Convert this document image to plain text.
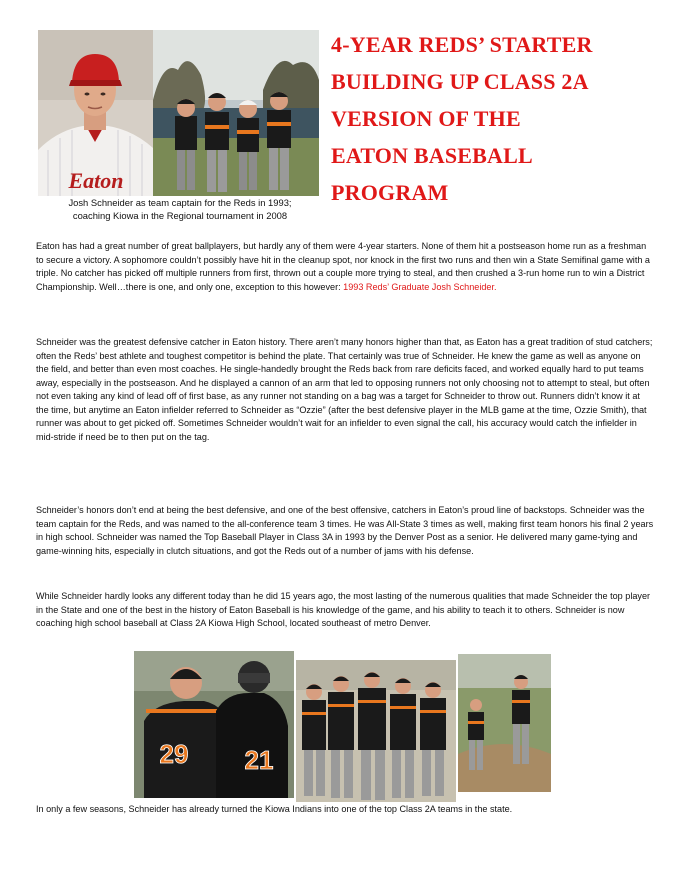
Eaton
4-YEAR REDS’ STARTER
BUILDING UP CLASS 2A
VERSION OF THE
EATON BASEBALL
PROGRAM
Josh Schneider as team captain for the Reds in 1993;
coaching Kiowa in the Regional tournament in 2008

Eaton has had a great number of great ballplayers, but hardly any of them were 4-year starters. None of them hit a postseason home run as a freshman to secure a victory. A sophomore couldn’t possibly have hit in the cleanup spot, nor knock in the first two runs and then win a State Semifinal game with a triple. No catcher has picked off multiple runners from first, thrown out a couple more trying to steal, and then crushed a 3-run home run to win a District Championship. Well…there is one, and only one, exception to this however: 1993 Reds’ Graduate Josh Schneider.

Schneider was the greatest defensive catcher in Eaton history. There aren’t many honors higher than that, as Eaton has a great tradition of stud catchers; often the Reds’ best athlete and toughest competitor is behind the plate. That certainly was true of Schneider. He knew the game as well as anyone on the field, and better than even most coaches. He single-handedly brought the Reds back from rare deficits faced, and worked equally hard to put teams away, especially in the postseason. And he displayed a cannon of an arm that led to opposing runners not only choosing not to attempt to steal, but often not even taking any kind of lead off of first base, as any runner not standing on a bag was a target for Schneider to throw out. Runners didn’t know it at the time, but anytime an Eaton infielder referred to Schneider as “Ozzie” (after the best defensive player in the MLB game at the time, Ozzie Smith), that runner was about to get picked off. Sometimes Schneider wouldn’t wait for an infielder to even signal the call, his accuracy would catch the infielder in mid-stride if need be to then put on the tag.

Schneider’s honors don’t end at being the best defensive, and one of the best offensive, catchers in Eaton’s proud line of backstops. Schneider was the team captain for the Reds, and was named to the all-conference team 3 times. He was All-State 3 times as well, making first team honors his final 2 years in high school. Schneider was named the Top Baseball Player in Class 3A in 1993 by the Denver Post as a senior. He delivered many game-tying and game-winning hits, especially in clutch situations, and got the Reds out of a number of jams with his defense.

While Schneider hardly looks any different today than he did 15 years ago, the most lasting of the numerous qualities that made Schneider the top player in the State and one of the best in the history of Eaton Baseball is his knowledge of the game, and his ability to teach it to others. Schneider is now coaching high school baseball at Class 2A Kiowa High School, located southeast of metro Denver.

29 21
In only a few seasons, Schneider has already turned the Kiowa Indians into one of the top Class 2A teams in the state.
